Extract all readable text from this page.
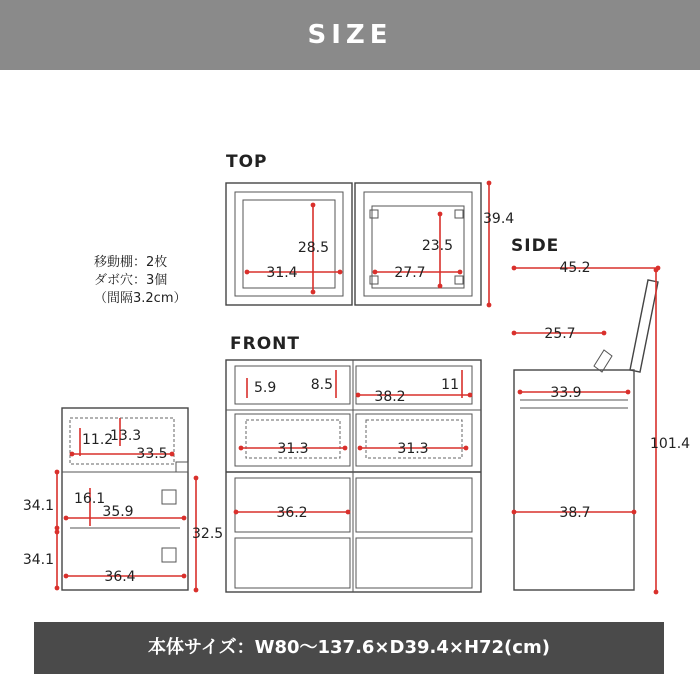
SIZE
TOP
FRONT
SIDE
移動棚：2枚
ダボ穴：3個
（間隔3.2cm）
28.5
31.4
23.5
27.7
39.4
5.9 8.5
38.2
11
31.3	31.3
36.2
45.2
25.7
33.9
101.4
38.7
11.2
13.3
33.5
16.1
35.9
34.1
34.1
32.5
36.4
本体サイズ：W80～137.6×D39.4×H72(cm)
